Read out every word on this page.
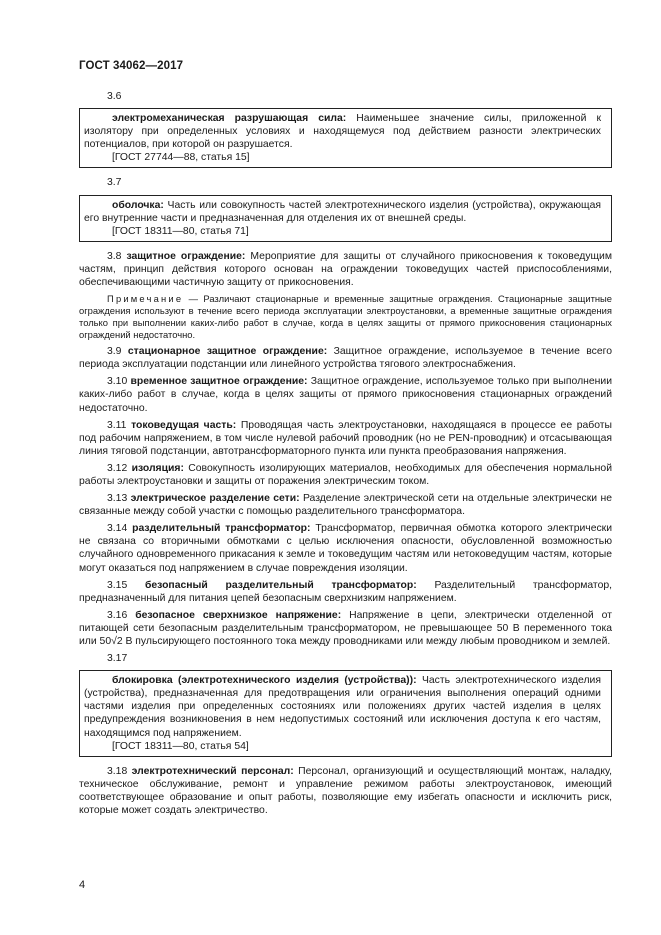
ГОСТ 34062—2017
3.6

электромеханическая разрушающая сила: Наименьшее значение силы, приложенной к изолятору при определенных условиях и находящемуся под действием разности электрических потенциалов, при которой он разрушается.

[ГОСТ 27744—88, статья 15]

3.7

оболочка: Часть или совокупность частей электротехнического изделия (устройства), окружающая его внутренние части и предназначенная для отделения их от внешней среды.

[ГОСТ 18311—80, статья 71]

3.8 защитное ограждение: Мероприятие для защиты от случайного прикосновения к токоведущим частям, принцип действия которого основан на ограждении токоведущих частей приспособлениями, обеспечивающими частичную защиту от прикосновения.

Примечание — Различают стационарные и временные защитные ограждения. Стационарные защитные ограждения используют в течение всего периода эксплуатации электроустановки, а временные защитные ограждения только при выполнении каких-либо работ в случае, когда в целях защиты от прямого прикосновения стационарных ограждений недостаточно.

3.9 стационарное защитное ограждение: Защитное ограждение, используемое в течение всего периода эксплуатации подстанции или линейного устройства тягового электроснабжения.

3.10 временное защитное ограждение: Защитное ограждение, используемое только при выполнении каких-либо работ в случае, когда в целях защиты от прямого прикосновения стационарных ограждений недостаточно.

3.11 токоведущая часть: Проводящая часть электроустановки, находящаяся в процессе ее работы под рабочим напряжением, в том числе нулевой рабочий проводник (но не PEN-проводник) и отсасывающая линия тяговой подстанции, автотрансформаторного пункта или пункта преобразования напряжения.

3.12 изоляция: Совокупность изолирующих материалов, необходимых для обеспечения нормальной работы электроустановки и защиты от поражения электрическим током.

3.13 электрическое разделение сети: Разделение электрической сети на отдельные электрически не связанные между собой участки с помощью разделительного трансформатора.

3.14 разделительный трансформатор: Трансформатор, первичная обмотка которого электрически не связана со вторичными обмотками с целью исключения опасности, обусловленной возможностью случайного одновременного прикасания к земле и токоведущим частям или нетоковедущим частям, которые могут оказаться под напряжением в случае повреждения изоляции.

3.15 безопасный разделительный трансформатор: Разделительный трансформатор, предназначенный для питания цепей безопасным сверхнизким напряжением.

3.16 безопасное сверхнизкое напряжение: Напряжение в цепи, электрически отделенной от питающей сети безопасным разделительным трансформатором, не превышающее 50 В переменного тока или 50√2 В пульсирующего постоянного тока между проводниками или между любым проводником и землей.

3.17

блокировка (электротехнического изделия (устройства)): Часть электротехнического изделия (устройства), предназначенная для предотвращения или ограничения выполнения операций одними частями изделия при определенных состояниях или положениях других частей изделия в целях предупреждения возникновения в нем недопустимых состояний или исключения доступа к его частям, находящимся под напряжением.

[ГОСТ 18311—80, статья 54]

3.18 электротехнический персонал: Персонал, организующий и осуществляющий монтаж, наладку, техническое обслуживание, ремонт и управление режимом работы электроустановок, имеющий соответствующее образование и опыт работы, позволяющие ему избегать опасности и исключить риск, которые может создать электричество.

4
